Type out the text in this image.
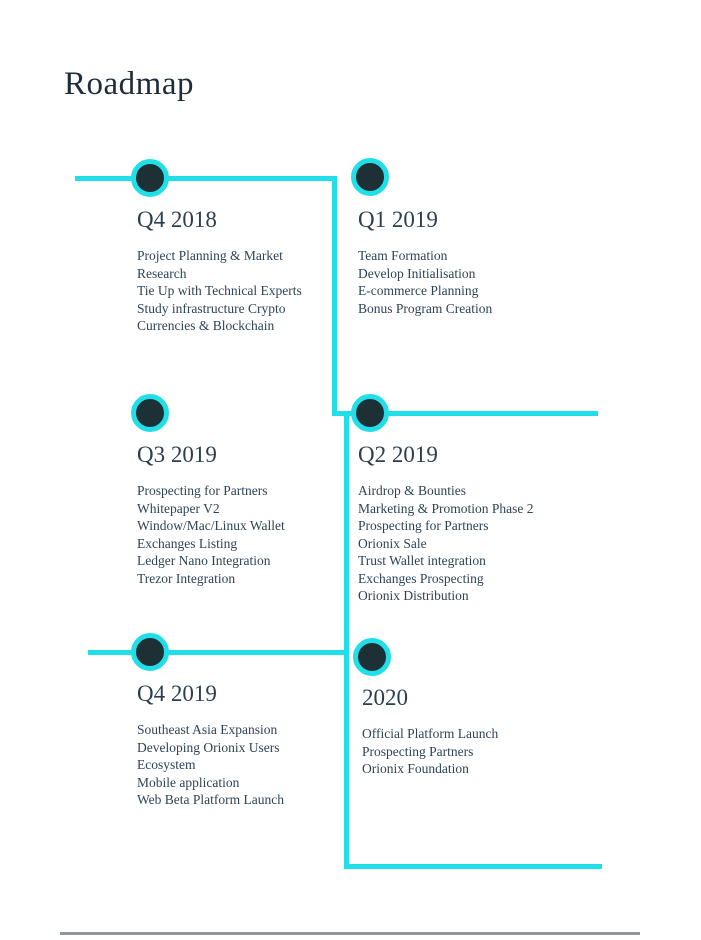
Roadmap
Q4 2018
Project Planning & Market Research
Tie Up with Technical Experts
Study infrastructure Crypto Currencies & Blockchain
Q1 2019
Team Formation
Develop Initialisation
E-commerce Planning
Bonus Program Creation
Q3 2019
Prospecting for Partners
Whitepaper V2
Window/Mac/Linux Wallet
Exchanges Listing
Ledger Nano Integration
Trezor Integration
Q2 2019
Airdrop & Bounties
Marketing & Promotion Phase 2
Prospecting for Partners
Orionix Sale
Trust Wallet integration
Exchanges Prospecting
Orionix Distribution
Q4 2019
Southeast Asia Expansion
Developing Orionix Users Ecosystem
Mobile application
Web Beta Platform Launch
2020
Official Platform Launch
Prospecting Partners
Orionix Foundation
